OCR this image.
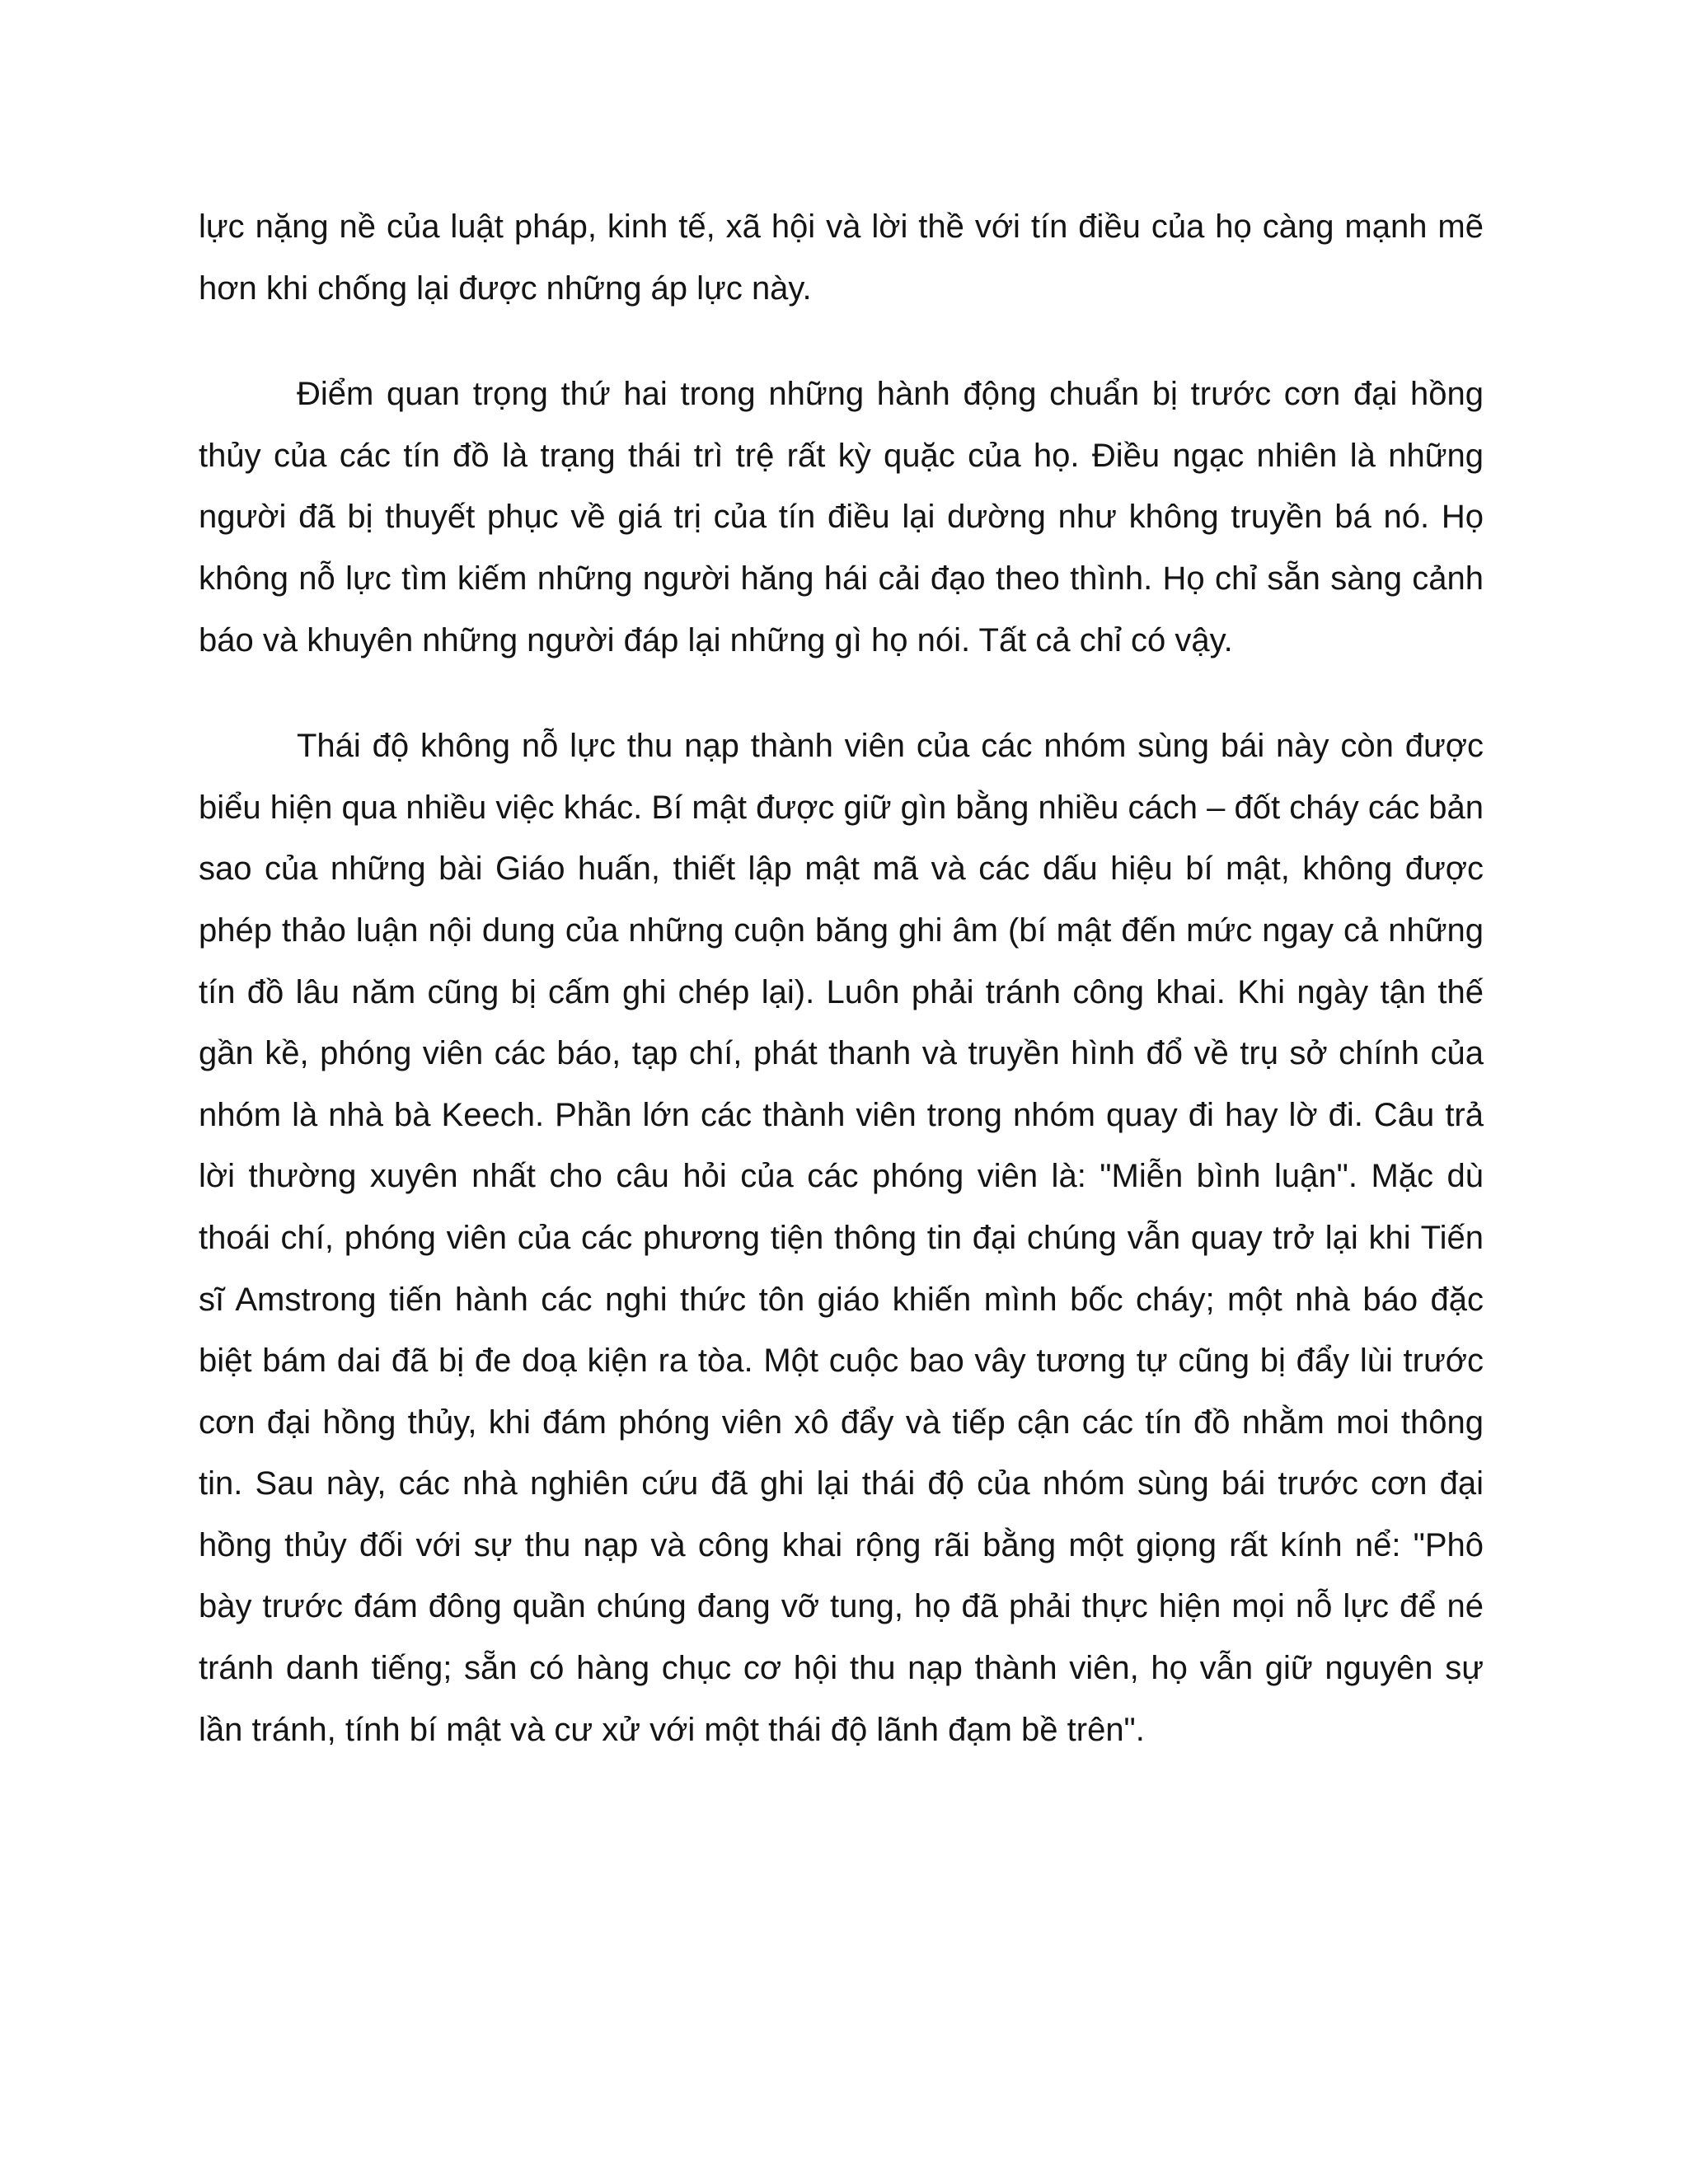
lực nặng nề của luật pháp, kinh tế, xã hội và lời thề với tín điều của họ càng mạnh mẽ hơn khi chống lại được những áp lực này.

Điểm quan trọng thứ hai trong những hành động chuẩn bị trước cơn đại hồng thủy của các tín đồ là trạng thái trì trệ rất kỳ quặc của họ. Điều ngạc nhiên là những người đã bị thuyết phục về giá trị của tín điều lại dường như không truyền bá nó. Họ không nỗ lực tìm kiếm những người hăng hái cải đạo theo thình. Họ chỉ sẵn sàng cảnh báo và khuyên những người đáp lại những gì họ nói. Tất cả chỉ có vậy.

Thái độ không nỗ lực thu nạp thành viên của các nhóm sùng bái này còn được biểu hiện qua nhiều việc khác. Bí mật được giữ gìn bằng nhiều cách – đốt cháy các bản sao của những bài Giáo huấn, thiết lập mật mã và các dấu hiệu bí mật, không được phép thảo luận nội dung của những cuộn băng ghi âm (bí mật đến mức ngay cả những tín đồ lâu năm cũng bị cấm ghi chép lại). Luôn phải tránh công khai. Khi ngày tận thế gần kề, phóng viên các báo, tạp chí, phát thanh và truyền hình đổ về trụ sở chính của nhóm là nhà bà Keech. Phần lớn các thành viên trong nhóm quay đi hay lờ đi. Câu trả lời thường xuyên nhất cho câu hỏi của các phóng viên là: "Miễn bình luận". Mặc dù thoái chí, phóng viên của các phương tiện thông tin đại chúng vẫn quay trở lại khi Tiến sĩ Amstrong tiến hành các nghi thức tôn giáo khiến mình bốc cháy; một nhà báo đặc biệt bám dai đã bị đe doạ kiện ra tòa. Một cuộc bao vây tương tự cũng bị đẩy lùi trước cơn đại hồng thủy, khi đám phóng viên xô đẩy và tiếp cận các tín đồ nhằm moi thông tin. Sau này, các nhà nghiên cứu đã ghi lại thái độ của nhóm sùng bái trước cơn đại hồng thủy đối với sự thu nạp và công khai rộng rãi bằng một giọng rất kính nể: "Phô bày trước đám đông quần chúng đang vỡ tung, họ đã phải thực hiện mọi nỗ lực để né tránh danh tiếng; sẵn có hàng chục cơ hội thu nạp thành viên, họ vẫn giữ nguyên sự lần tránh, tính bí mật và cư xử với một thái độ lãnh đạm bề trên".
